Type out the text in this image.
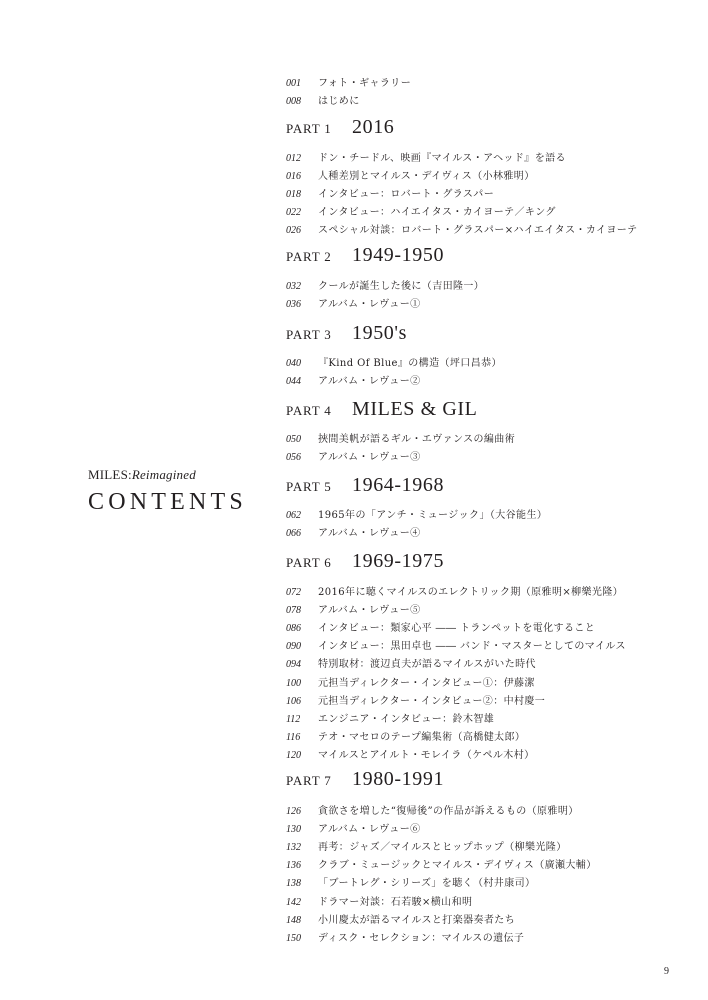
MILES:Reimagined
CONTENTS
001	フォト・ギャラリー
008	はじめに
PART 1	2016
012	ドン・チードル、映画『マイルス・アヘッド』を語る
016	人種差別とマイルス・デイヴィス（小林雅明）
018	インタビュー：ロバート・グラスパー
022	インタビュー：ハイエイタス・カイヨーテ／キング
026	スペシャル対談：ロバート・グラスパー×ハイエイタス・カイヨーテ
PART 2	1949-1950
032	クールが誕生した後に（吉田隆一）
036	アルバム・レヴュー①
PART 3	1950's
040	『Kind Of Blue』の構造（坪口昌恭）
044	アルバム・レヴュー②
PART 4	MILES & GIL
050	挾間美帆が語るギル・エヴァンスの編曲術
056	アルバム・レヴュー③
PART 5	1964-1968
062	1965年の「アンチ・ミュージック」（大谷能生）
066	アルバム・レヴュー④
PART 6	1969-1975
072	2016年に聴くマイルスのエレクトリック期（原雅明×柳樂光隆）
078	アルバム・レヴュー⑤
086	インタビュー：類家心平 ―― トランペットを電化すること
090	インタビュー：黒田卓也 ―― バンド・マスターとしてのマイルス
094	特別取材：渡辺貞夫が語るマイルスがいた時代
100	元担当ディレクター・インタビュー①：伊藤潔
106	元担当ディレクター・インタビュー②：中村慶一
112	エンジニア・インタビュー：鈴木智雄
116	テオ・マセロのテープ編集術（高橋健太郎）
120	マイルスとアイルト・モレイラ（ケペル木村）
PART 7	1980-1991
126	貪欲さを増した“復帰後”の作品が訴えるもの（原雅明）
130	アルバム・レヴュー⑥
132	再考：ジャズ／マイルスとヒップホップ（柳樂光隆）
136	クラブ・ミュージックとマイルス・デイヴィス（廣瀬大輔）
138	「ブートレグ・シリーズ」を聴く（村井康司）
142	ドラマー対談：石若駿×横山和明
148	小川慶太が語るマイルスと打楽器奏者たち
150	ディスク・セレクション：マイルスの遺伝子
9
